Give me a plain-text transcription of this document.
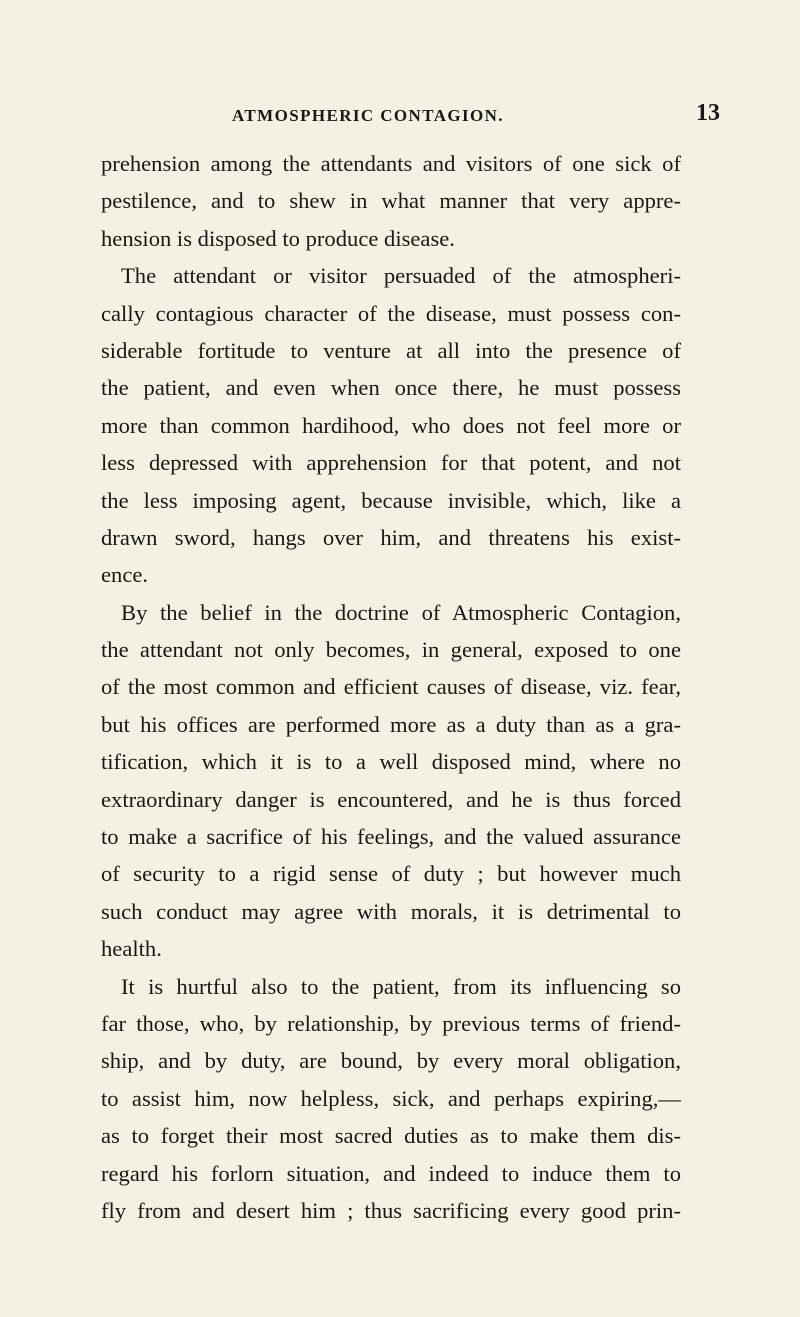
ATMOSPHERIC CONTAGION.	13
prehension among the attendants and visitors of one sick of
pestilence, and to shew in what manner that very appre-
hension is disposed to produce disease.
The attendant or visitor persuaded of the atmospheri-
cally contagious character of the disease, must possess con-
siderable fortitude to venture at all into the presence of
the patient, and even when once there, he must possess
more than common hardihood, who does not feel more or
less depressed with apprehension for that potent, and not
the less imposing agent, because invisible, which, like a
drawn sword, hangs over him, and threatens his exist-
ence.
By the belief in the doctrine of Atmospheric Contagion,
the attendant not only becomes, in general, exposed to one
of the most common and efficient causes of disease, viz. fear,
but his offices are performed more as a duty than as a gra-
tification, which it is to a well disposed mind, where no
extraordinary danger is encountered, and he is thus forced
to make a sacrifice of his feelings, and the valued assurance
of security to a rigid sense of duty ; but however much
such conduct may agree with morals, it is detrimental to
health.
It is hurtful also to the patient, from its influencing so
far those, who, by relationship, by previous terms of friend-
ship, and by duty, are bound, by every moral obligation,
to assist him, now helpless, sick, and perhaps expiring,—
as to forget their most sacred duties as to make them dis-
regard his forlorn situation, and indeed to induce them to
fly from and desert him ; thus sacrificing every good prin-
